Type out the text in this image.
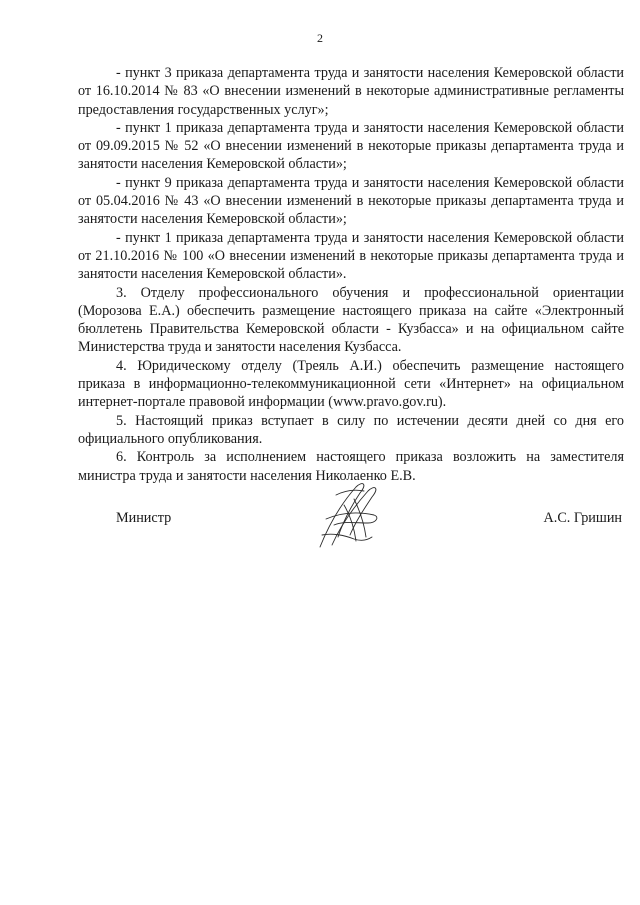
2

- пункт 3 приказа департамента труда и занятости населения Кемеровской области от 16.10.2014 № 83 «О внесении изменений в некоторые административные регламенты предоставления государственных услуг»;

- пункт 1 приказа департамента труда и занятости населения Кемеровской области от 09.09.2015 № 52 «О внесении изменений в некоторые приказы департамента труда и занятости населения Кемеровской области»;

- пункт 9 приказа департамента труда и занятости населения Кемеровской области от 05.04.2016 № 43 «О внесении изменений в некоторые приказы департамента труда и занятости населения Кемеровской области»;

- пункт 1 приказа департамента труда и занятости населения Кемеровской области от 21.10.2016 № 100 «О внесении изменений в некоторые приказы департамента труда и занятости населения Кемеровской области».

3. Отделу профессионального обучения и профессиональной ориентации (Морозова Е.А.) обеспечить размещение настоящего приказа на сайте «Электронный бюллетень Правительства Кемеровской области - Кузбасса» и на официальном сайте Министерства труда и занятости населения Кузбасса.

4. Юридическому отделу (Треяль А.И.) обеспечить размещение настоящего приказа в информационно-телекоммуникационной сети «Интернет» на официальном интернет-портале правовой информации (www.pravo.gov.ru).

5. Настоящий приказ вступает в силу по истечении десяти дней со дня его официального опубликования.

6. Контроль за исполнением настоящего приказа возложить на заместителя министра труда и занятости населения Николаенко Е.В.

Министр	А.С. Гришин
